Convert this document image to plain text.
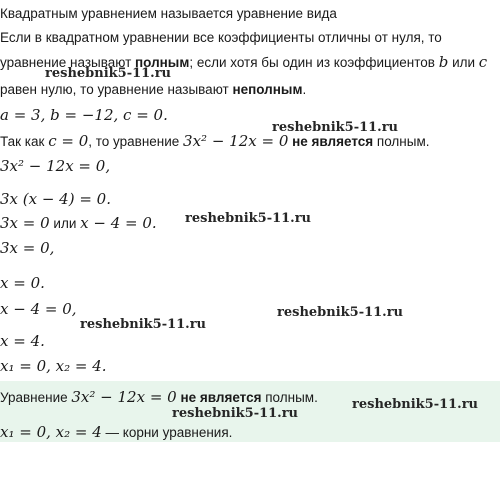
Квадратным уравнением называется уравнение вида
Если в квадратном уравнении все коэффициенты отличны от нуля, то
уравнение называют полным; если хотя бы один из коэффициентов b или c
равен нулю, то уравнение называют неполным.
a = 3, b = −12, c = 0.
Так как c = 0, то уравнение 3x² − 12x = 0 не является полным.
3x² − 12x = 0,
3x (x − 4) = 0.
3x = 0 или x − 4 = 0.
3x = 0,
x = 0.
x − 4 = 0,
x = 4.
x₁ = 0, x₂ = 4.
Уравнение 3x² − 12x = 0 не является полным.
x₁ = 0, x₂ = 4 — корни уравнения.
reshebnik5-11.ru
reshebnik5-11.ru
reshebnik5-11.ru
reshebnik5-11.ru
reshebnik5-11.ru
reshebnik5-11.ru
reshebnik5-11.ru
